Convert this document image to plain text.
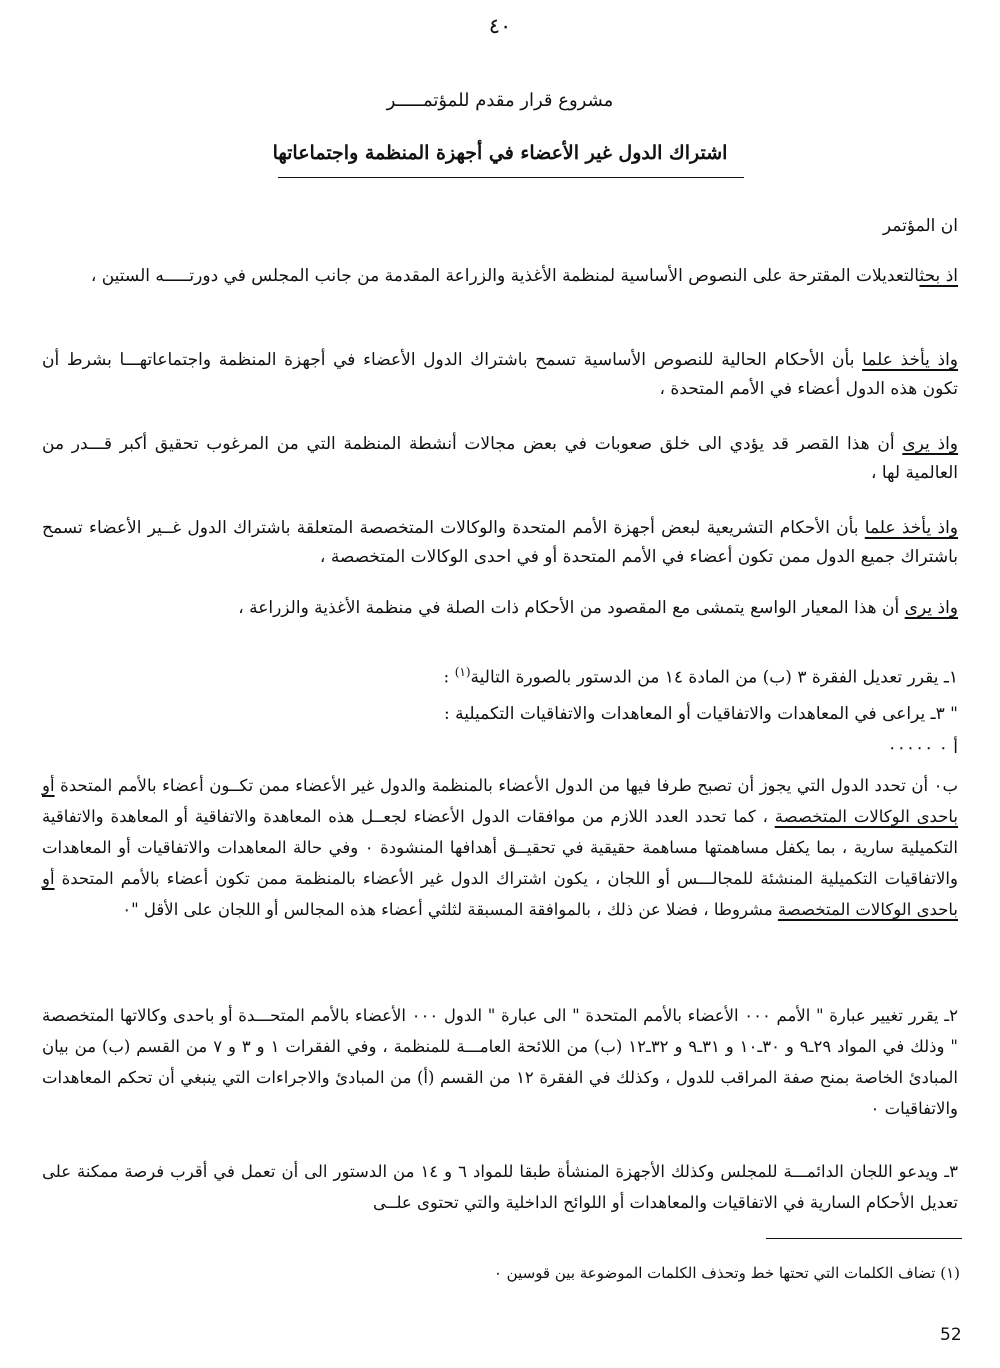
٤٠
مشروع قرار مقدم للمؤتمـــــر
اشتراك الدول غير الأعضاء في أجهزة المنظمة واجتماعاتها
ان المؤتمر
اذ بحثالتعديلات المقترحة على النصوص الأساسية لمنظمة الأغذية والزراعة المقدمة من جانب المجلس في دورتـــــه الستين ،
واذ يأخذ علما بأن الأحكام الحالية للنصوص الأساسية تسمح باشتراك الدول الأعضاء في أجهزة المنظمة واجتماعاتهـــا بشرط أن تكون هذه الدول أعضاء في الأمم المتحدة ،
واذ يرى أن هذا القصر قد يؤدي الى خلق صعوبات في بعض مجالات أنشطة المنظمة التي من المرغوب تحقيق أكبر قـــدر من العالمية لها ،
واذ يأخذ علما بأن الأحكام التشريعية لبعض أجهزة الأمم المتحدة والوكالات المتخصصة المتعلقة باشتراك الدول غــير الأعضاء تسمح باشتراك جميع الدول ممن تكون أعضاء في الأمم المتحدة أو في احدى الوكالات المتخصصة ،
واذ يرى أن هذا المعيار الواسع يتمشى مع المقصود من الأحكام ذات الصلة في منظمة الأغذية والزراعة ،
١ـ يقرر تعديل الفقرة ٣ (ب) من المادة ١٤ من الدستور بالصورة التالية$^{(١)}$ :
" ٣ـ يراعى في المعاهدات والاتفاقيات أو المعاهدات والاتفاقيات التكميلية :
أ ٠ ٠٠٠٠٠
ب٠ أن تحدد الدول التي يجوز أن تصبح طرفا فيها من الدول الأعضاء بالمنظمة والدول غير الأعضاء ممن تكــون أعضاء بالأمم المتحدة أو باحدى الوكالات المتخصصة ، كما تحدد العدد اللازم من موافقات الدول الأعضاء لجعــل هذه المعاهدة والاتفاقية أو المعاهدة والاتفاقية التكميلية سارية ، بما يكفل مساهمتها مساهمة حقيقية في تحقيــق أهدافها المنشودة ٠ وفي حالة المعاهدات والاتفاقيات أو المعاهدات والاتفاقيات التكميلية المنشئة للمجالـــس أو اللجان ، يكون اشتراك الدول غير الأعضاء بالمنظمة ممن تكون أعضاء بالأمم المتحدة أو باحدى الوكالات المتخصصة مشروطا ، فضلا عن ذلك ، بالموافقة المسبقة لثلثي أعضاء هذه المجالس أو اللجان على الأقل "٠
٢ـ يقرر تغيير عبارة " الأمم ٠٠٠ الأعضاء بالأمم المتحدة " الى عبارة " الدول ٠٠٠ الأعضاء بالأمم المتحـــدة أو باحدى وكالاتها المتخصصة " وذلك في المواد ٢٩ـ٩ و ٣٠ـ١٠ و ٣١ـ٩ و ٣٢ـ١٢ (ب) من اللائحة العامـــة للمنظمة ، وفي الفقرات ١ و ٣ و ٧ من القسم (ب) من بيان المبادئ الخاصة بمنح صفة المراقب للدول ، وكذلك في الفقرة ١٢ من القسم (أ) من المبادئ والاجراءات التي ينبغي أن تحكم المعاهدات والاتفاقيات ٠
٣ـ ويدعو اللجان الدائمـــة للمجلس وكذلك الأجهزة المنشأة طبقا للمواد ٦ و ١٤ من الدستور الى أن تعمل في أقرب فرصة ممكنة على تعديل الأحكام السارية في الاتفاقيات والمعاهدات أو اللوائح الداخلية والتي تحتوى علــى
(١) تضاف الكلمات التي تحتها خط وتحذف الكلمات الموضوعة بين قوسين ٠
52
